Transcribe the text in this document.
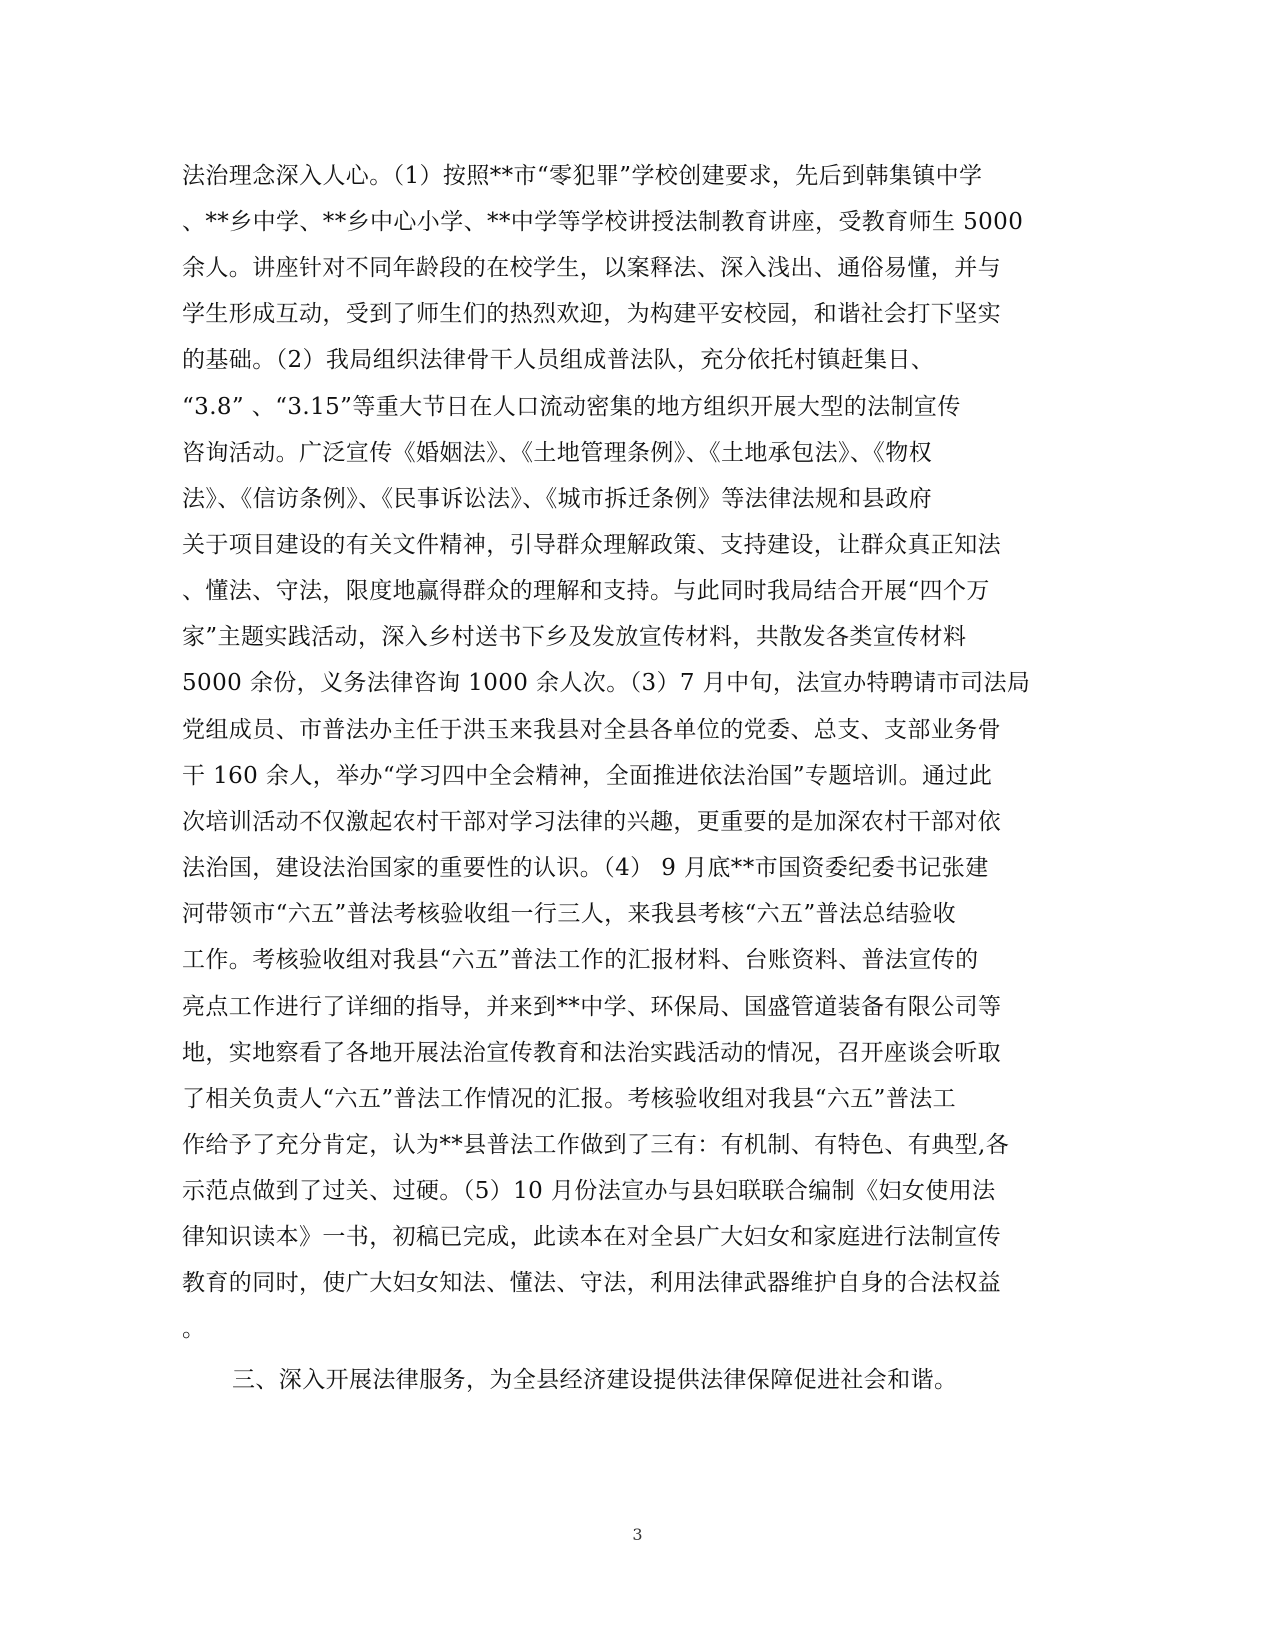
法治理念深入人心。（1）按照**市“零犯罪”学校创建要求，先后到韩集镇中学
、**乡中学、**乡中心小学、**中学等学校讲授法制教育讲座，受教育师生 5000
余人。讲座针对不同年龄段的在校学生，以案释法、深入浅出、通俗易懂，并与
学生形成互动，受到了师生们的热烈欢迎，为构建平安校园，和谐社会打下坚实
的基础。（2）我局组织法律骨干人员组成普法队，充分依托村镇赶集日、
“3.8” 、“3.15”等重大节日在人口流动密集的地方组织开展大型的法制宣传
咨询活动。广泛宣传《婚姻法》、《土地管理条例》、《土地承包法》、《物权
法》、《信访条例》、《民事诉讼法》、《城市拆迁条例》等法律法规和县政府
关于项目建设的有关文件精神，引导群众理解政策、支持建设，让群众真正知法
、懂法、守法，限度地赢得群众的理解和支持。与此同时我局结合开展“四个万
家”主题实践活动，深入乡村送书下乡及发放宣传材料，共散发各类宣传材料
5000 余份，义务法律咨询 1000 余人次。（3）7 月中旬，法宣办特聘请市司法局
党组成员、市普法办主任于洪玉来我县对全县各单位的党委、总支、支部业务骨
干 160 余人，举办“学习四中全会精神，全面推进依法治国”专题培训。通过此
次培训活动不仅激起农村干部对学习法律的兴趣，更重要的是加深农村干部对依
法治国，建设法治国家的重要性的认识。（4） 9 月底**市国资委纪委书记张建
河带领市“六五”普法考核验收组一行三人，来我县考核“六五”普法总结验收
工作。考核验收组对我县“六五”普法工作的汇报材料、台账资料、普法宣传的
亮点工作进行了详细的指导，并来到**中学、环保局、国盛管道装备有限公司等
地，实地察看了各地开展法治宣传教育和法治实践活动的情况，召开座谈会听取
了相关负责人“六五”普法工作情况的汇报。考核验收组对我县“六五”普法工
作给予了充分肯定，认为**县普法工作做到了三有：有机制、有特色、有典型,各
示范点做到了过关、过硬。（5）10 月份法宣办与县妇联联合编制《妇女使用法
律知识读本》一书，初稿已完成，此读本在对全县广大妇女和家庭进行法制宣传
教育的同时，使广大妇女知法、懂法、守法，利用法律武器维护自身的合法权益
。
三、深入开展法律服务，为全县经济建设提供法律保障促进社会和谐。
3
